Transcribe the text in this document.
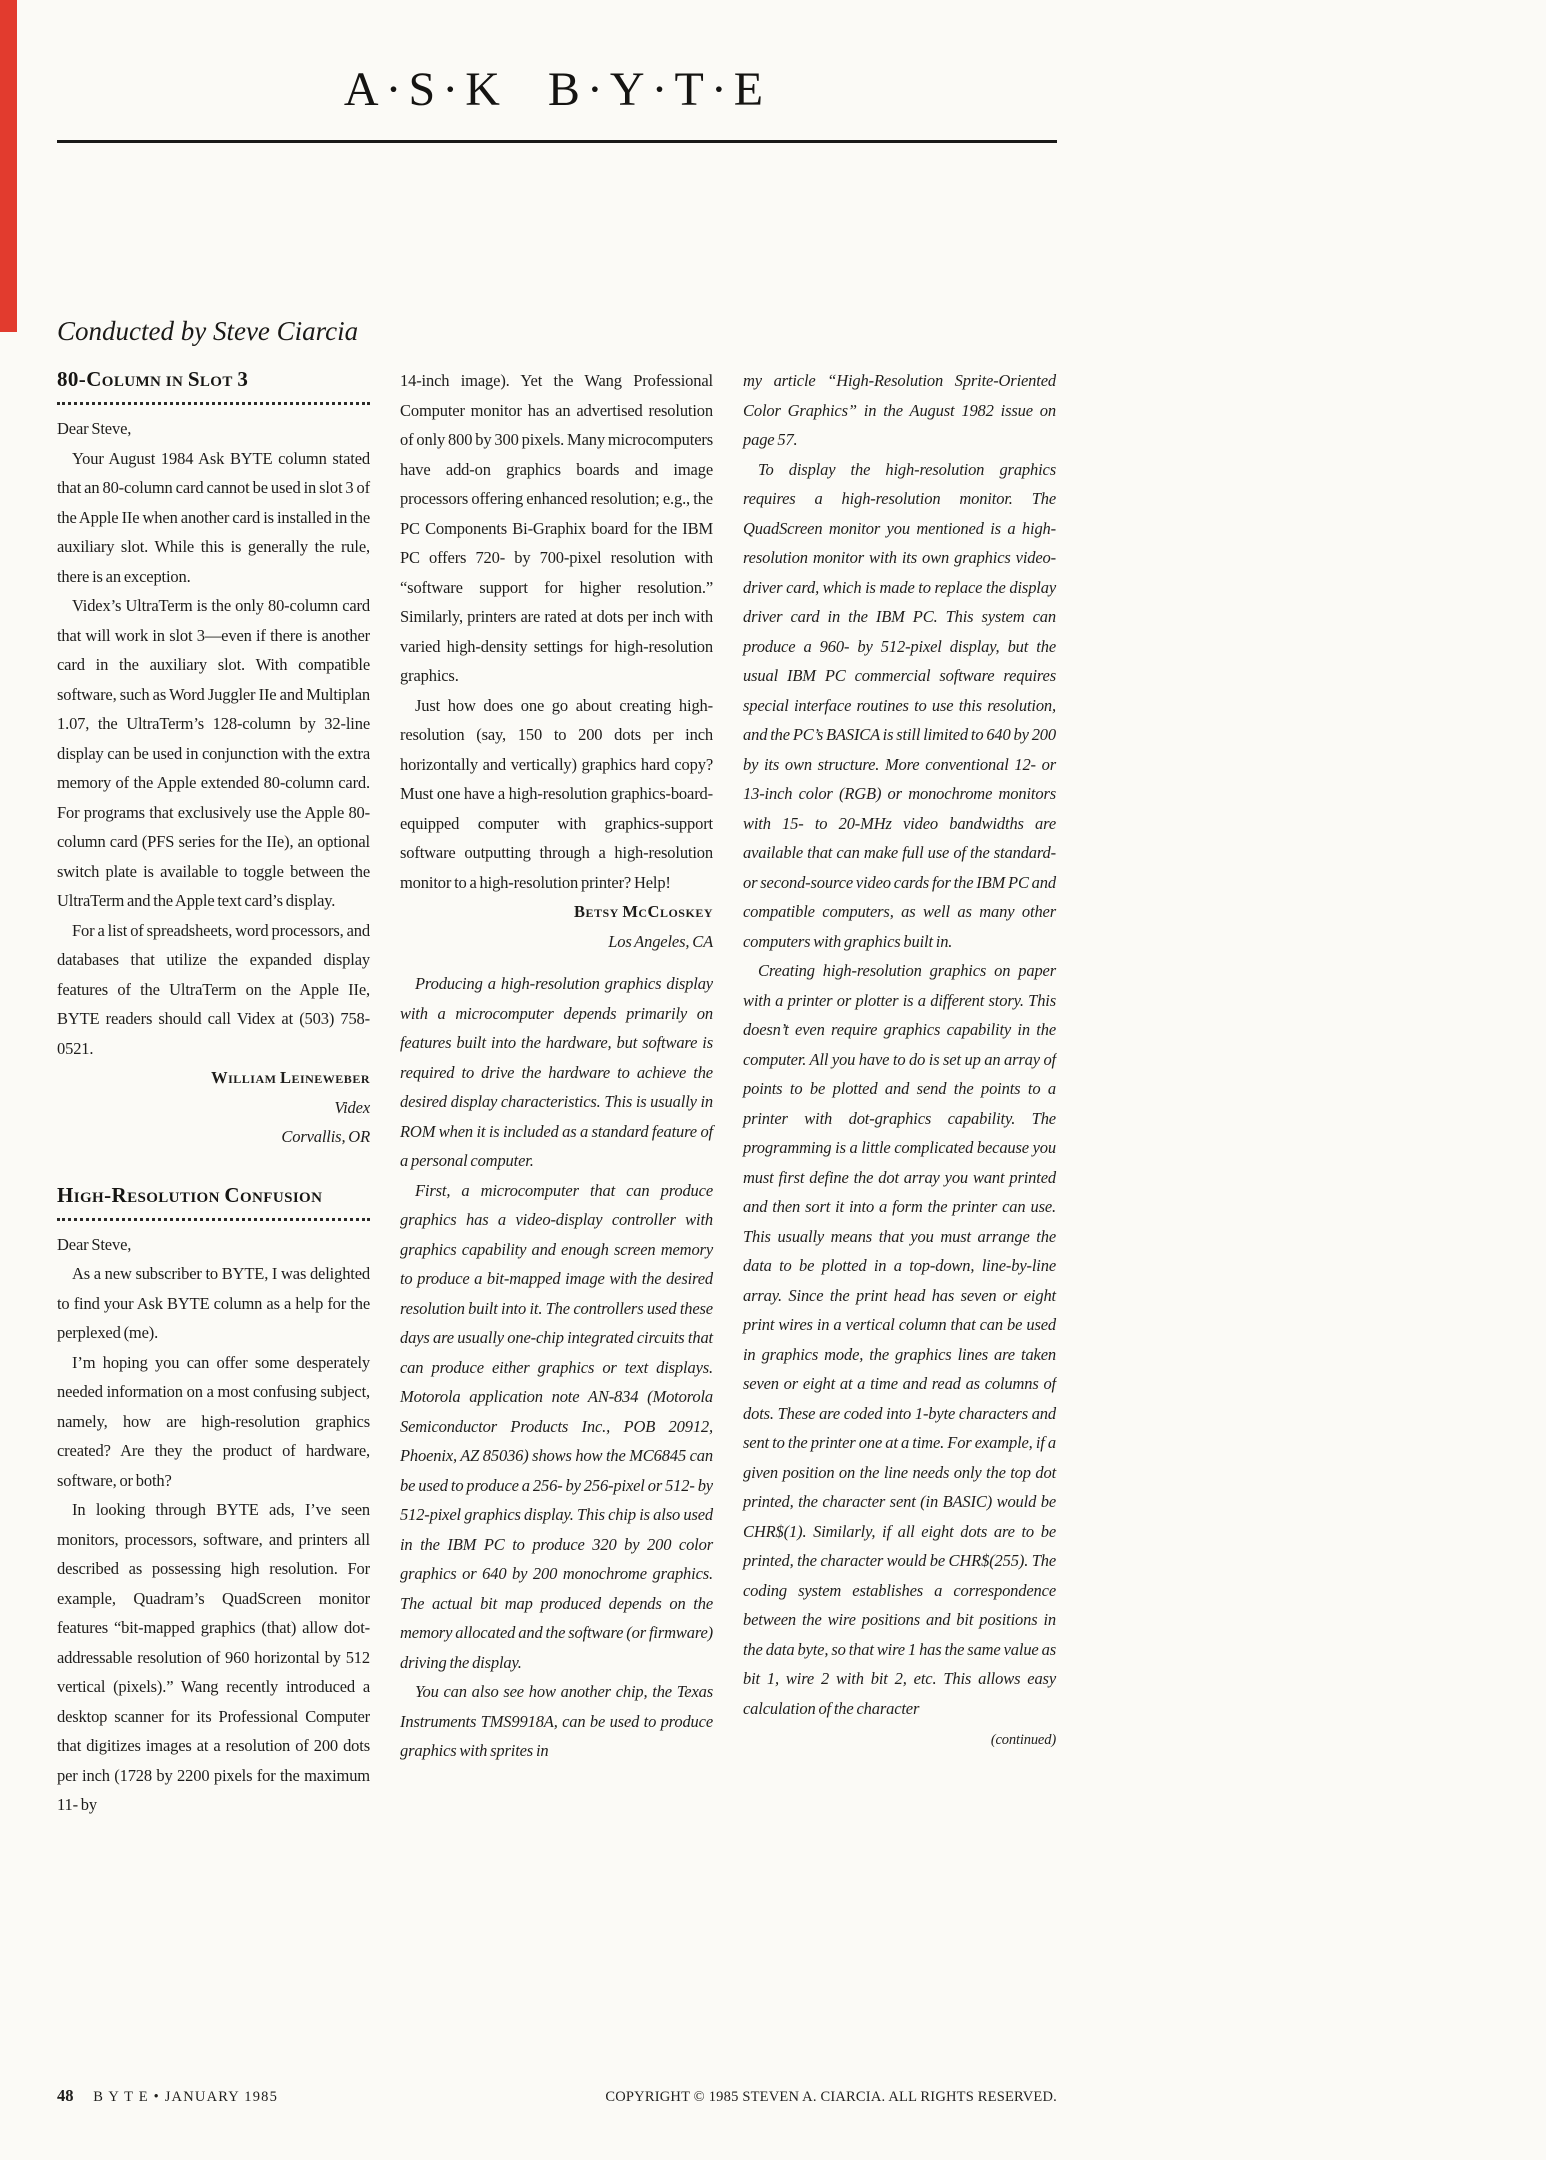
A·S·K B·Y·T·E
Conducted by Steve Ciarcia
80-Column in Slot 3

Dear Steve,

Your August 1984 Ask BYTE column stated that an 80-column card cannot be used in slot 3 of the Apple IIe when another card is installed in the auxiliary slot. While this is generally the rule, there is an exception.

Videx’s UltraTerm is the only 80-column card that will work in slot 3—even if there is another card in the auxiliary slot. With compatible software, such as Word Juggler IIe and Multiplan 1.07, the UltraTerm’s 128-column by 32-line display can be used in conjunction with the extra memory of the Apple extended 80-column card. For programs that exclusively use the Apple 80-column card (PFS series for the IIe), an optional switch plate is available to toggle between the UltraTerm and the Apple text card’s display.

For a list of spreadsheets, word processors, and databases that utilize the expanded display features of the UltraTerm on the Apple IIe, BYTE readers should call Videx at (503) 758-0521.

William Leineweber

Videx

Corvallis, OR

High-Resolution Confusion

Dear Steve,

As a new subscriber to BYTE, I was delighted to find your Ask BYTE column as a help for the perplexed (me).

I’m hoping you can offer some desperately needed information on a most confusing subject, namely, how are high-resolution graphics created? Are they the product of hardware, software, or both?

In looking through BYTE ads, I’ve seen monitors, processors, software, and printers all described as possessing high resolution. For example, Quadram’s QuadScreen monitor features “bit-mapped graphics (that) allow dot-addressable resolution of 960 horizontal by 512 vertical (pixels).” Wang recently introduced a desktop scanner for its Professional Computer that digitizes images at a resolution of 200 dots per inch (1728 by 2200 pixels for the maximum 11- by

14-inch image). Yet the Wang Professional Computer monitor has an advertised resolution of only 800 by 300 pixels. Many microcomputers have add-on graphics boards and image processors offering enhanced resolution; e.g., the PC Components Bi-Graphix board for the IBM PC offers 720- by 700-pixel resolution with “software support for higher resolution.” Similarly, printers are rated at dots per inch with varied high-density settings for high-resolution graphics.

Just how does one go about creating high-resolution (say, 150 to 200 dots per inch horizontally and vertically) graphics hard copy? Must one have a high-resolution graphics-board-equipped computer with graphics-support software outputting through a high-resolution monitor to a high-resolution printer? Help!

Betsy McCloskey

Los Angeles, CA

Producing a high-resolution graphics display with a microcomputer depends primarily on features built into the hardware, but software is required to drive the hardware to achieve the desired display characteristics. This is usually in ROM when it is included as a standard feature of a personal computer.

First, a microcomputer that can produce graphics has a video-display controller with graphics capability and enough screen memory to produce a bit-mapped image with the desired resolution built into it. The controllers used these days are usually one-chip integrated circuits that can produce either graphics or text displays. Motorola application note AN-834 (Motorola Semiconductor Products Inc., POB 20912, Phoenix, AZ 85036) shows how the MC6845 can be used to produce a 256- by 256-pixel or 512- by 512-pixel graphics display. This chip is also used in the IBM PC to produce 320 by 200 color graphics or 640 by 200 monochrome graphics. The actual bit map produced depends on the memory allocated and the software (or firmware) driving the display.

You can also see how another chip, the Texas Instruments TMS9918A, can be used to produce graphics with sprites in

my article “High-Resolution Sprite-Oriented Color Graphics” in the August 1982 issue on page 57.

To display the high-resolution graphics requires a high-resolution monitor. The QuadScreen monitor you mentioned is a high-resolution monitor with its own graphics video-driver card, which is made to replace the display driver card in the IBM PC. This system can produce a 960- by 512-pixel display, but the usual IBM PC commercial software requires special interface routines to use this resolution, and the PC’s BASICA is still limited to 640 by 200 by its own structure. More conventional 12- or 13-inch color (RGB) or monochrome monitors with 15- to 20-MHz video bandwidths are available that can make full use of the standard- or second-source video cards for the IBM PC and compatible computers, as well as many other computers with graphics built in.

Creating high-resolution graphics on paper with a printer or plotter is a different story. This doesn’t even require graphics capability in the computer. All you have to do is set up an array of points to be plotted and send the points to a printer with dot-graphics capability. The programming is a little complicated because you must first define the dot array you want printed and then sort it into a form the printer can use. This usually means that you must arrange the data to be plotted in a top-down, line-by-line array. Since the print head has seven or eight print wires in a vertical column that can be used in graphics mode, the graphics lines are taken seven or eight at a time and read as columns of dots. These are coded into 1-byte characters and sent to the printer one at a time. For example, if a given position on the line needs only the top dot printed, the character sent (in BASIC) would be CHR$(1). Similarly, if all eight dots are to be printed, the character would be CHR$(255). The coding system establishes a correspondence between the wire positions and bit positions in the data byte, so that wire 1 has the same value as bit 1, wire 2 with bit 2, etc. This allows easy calculation of the character

(continued)

48 B Y T E • JANUARY 1985	COPYRIGHT © 1985 STEVEN A. CIARCIA. ALL RIGHTS RESERVED.
